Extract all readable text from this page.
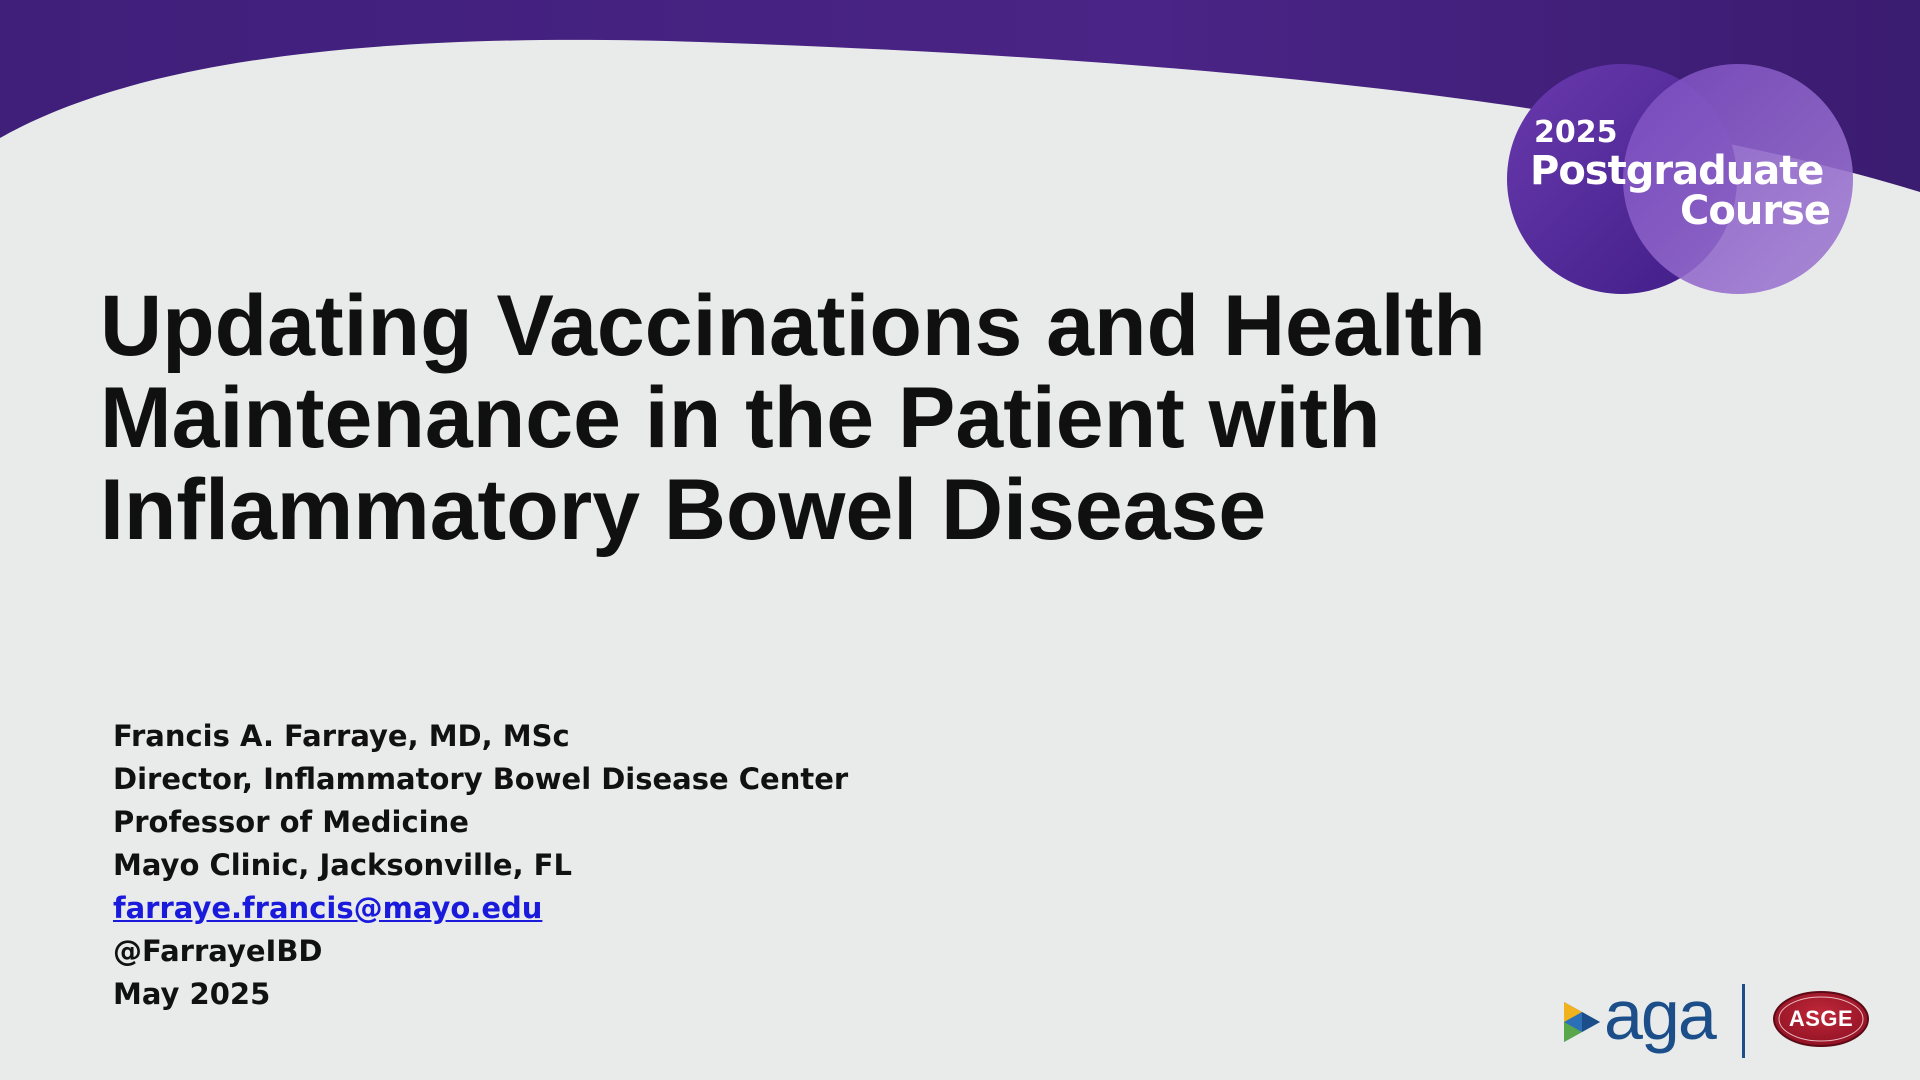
2025
Postgraduate
Course
Updating Vaccinations and Health
Maintenance in the Patient with
Inflammatory Bowel Disease
Francis A. Farraye, MD, MSc
Director, Inflammatory Bowel Disease Center
Professor of Medicine
Mayo Clinic, Jacksonville, FL
farraye.francis@mayo.edu
@FarrayeIBD
May 2025	aga	ASGE
